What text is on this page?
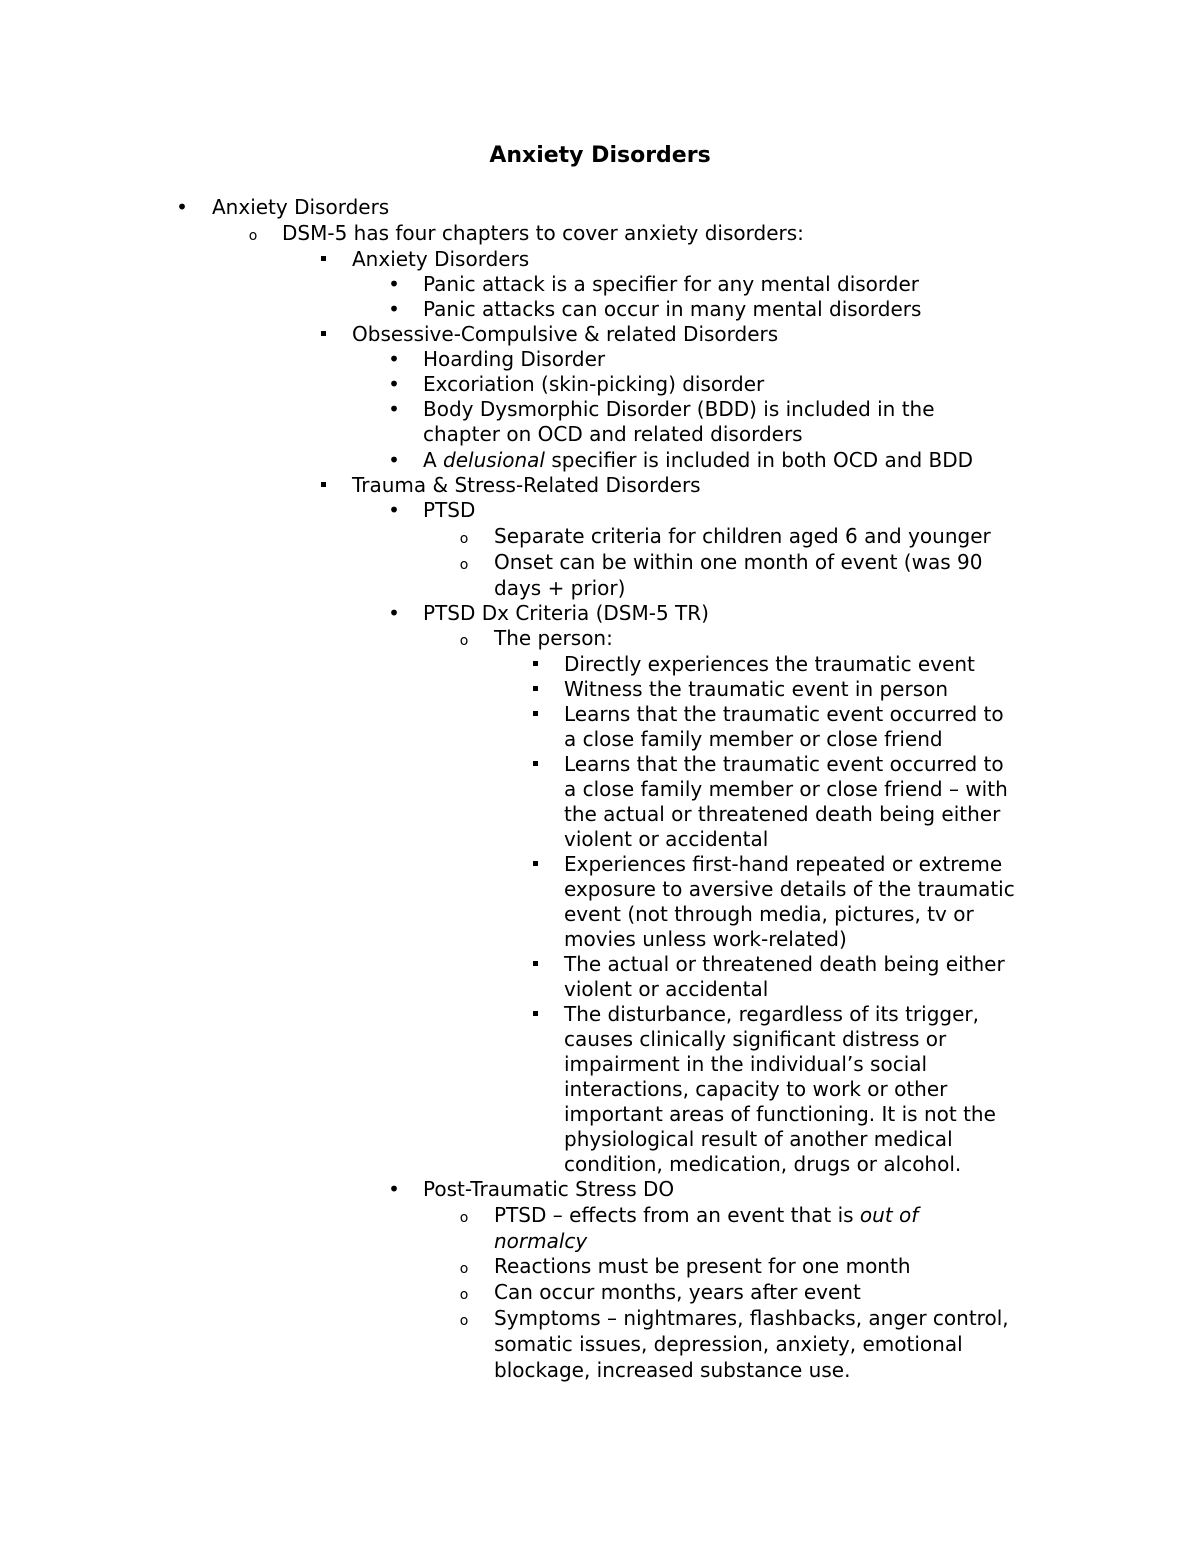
Anxiety Disorders
•
Anxiety Disorders
o
DSM-5 has four chapters to cover anxiety disorders:
Anxiety Disorders
•
Panic attack is a specifier for any mental disorder
•
Panic attacks can occur in many mental disorders
Obsessive-Compulsive & related Disorders
•
Hoarding Disorder
•
Excoriation (skin-picking) disorder
•
Body Dysmorphic Disorder (BDD) is included in the
chapter on OCD and related disorders
•
A delusional specifier is included in both OCD and BDD
Trauma & Stress-Related Disorders
•
PTSD
o
Separate criteria for children aged 6 and younger
o
Onset can be within one month of event (was 90
days + prior)
•
PTSD Dx Criteria (DSM-5 TR)
o
The person:
Directly experiences the traumatic event
Witness the traumatic event in person
Learns that the traumatic event occurred to
a close family member or close friend
Learns that the traumatic event occurred to
a close family member or close friend – with
the actual or threatened death being either
violent or accidental
Experiences first-hand repeated or extreme
exposure to aversive details of the traumatic
event (not through media, pictures, tv or
movies unless work-related)
The actual or threatened death being either
violent or accidental
The disturbance, regardless of its trigger,
causes clinically significant distress or
impairment in the individual’s social
interactions, capacity to work or other
important areas of functioning. It is not the
physiological result of another medical
condition, medication, drugs or alcohol.
•
Post-Traumatic Stress DO
o
PTSD – effects from an event that is out of
normalcy
o
Reactions must be present for one month
o
Can occur months, years after event
o
Symptoms – nightmares, flashbacks, anger control,
somatic issues, depression, anxiety, emotional
blockage, increased substance use.
